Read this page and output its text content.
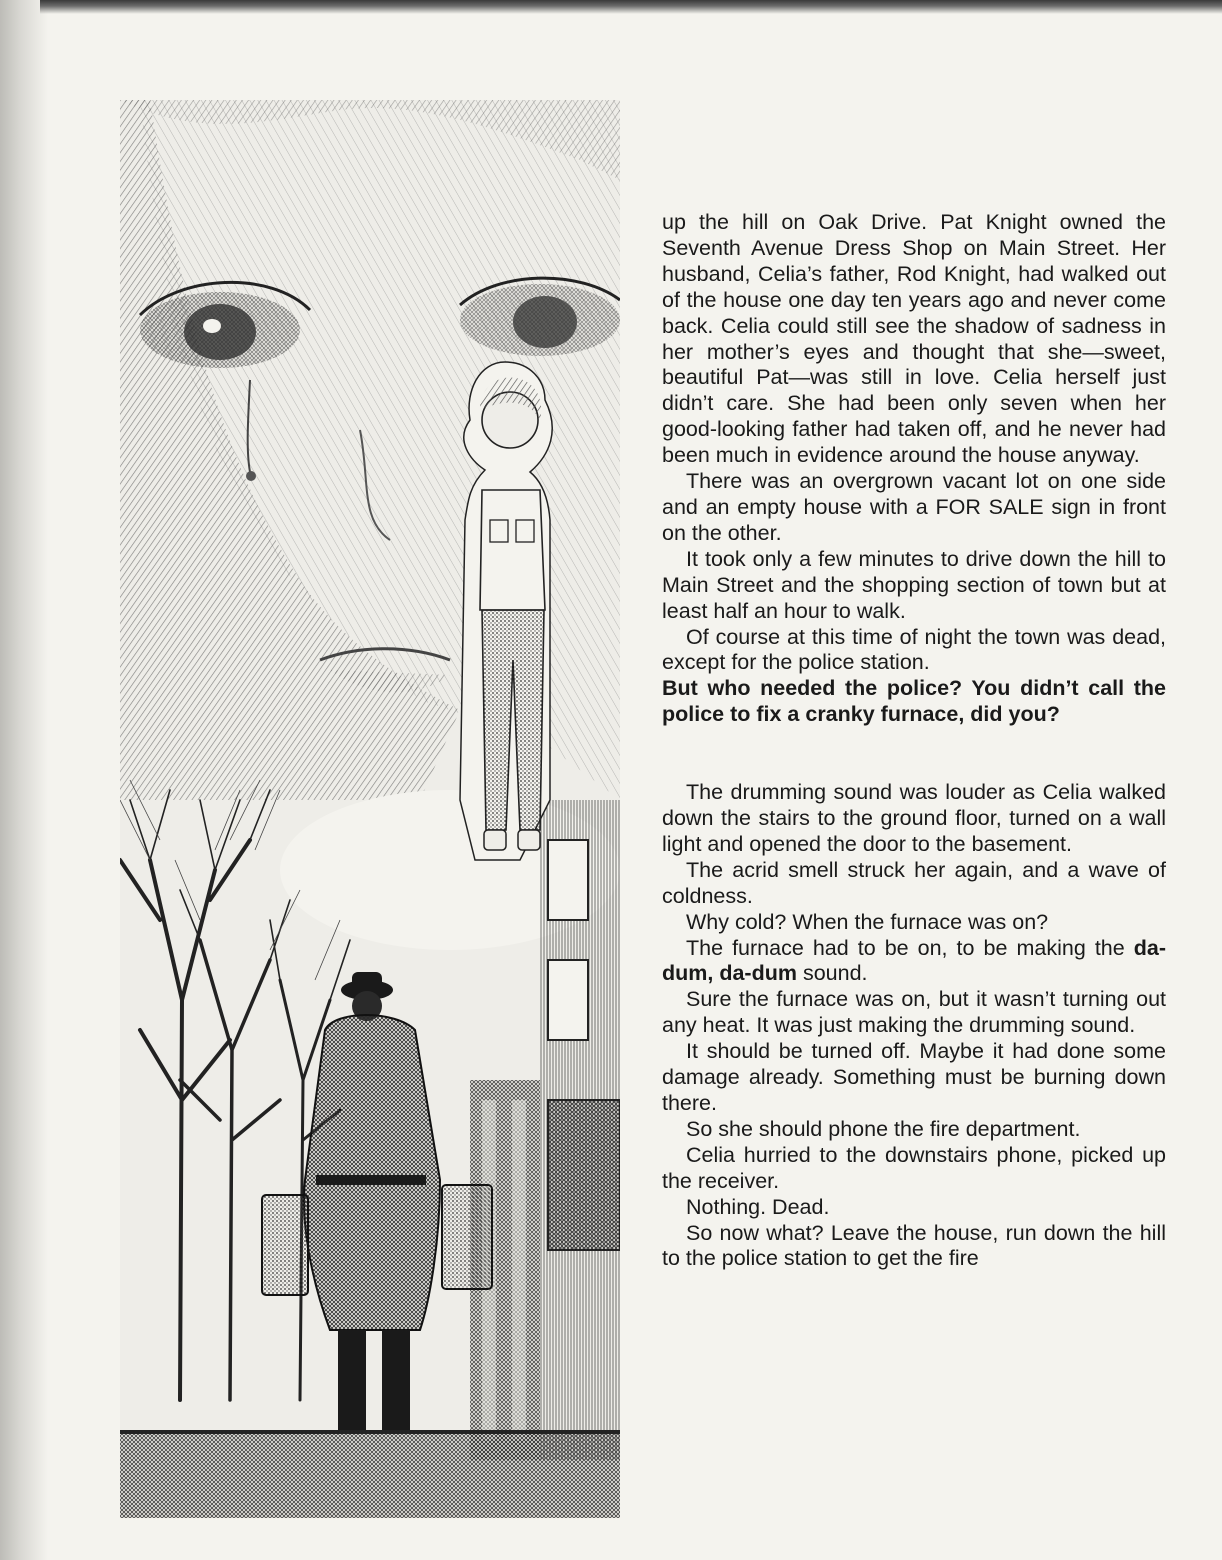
up the hill on Oak Drive. Pat Knight owned the Seventh Avenue Dress Shop on Main Street. Her husband, Celia’s father, Rod Knight, had walked out of the house one day ten years ago and never come back. Celia could still see the shadow of sadness in her mother’s eyes and thought that she—sweet, beautiful Pat—was still in love. Celia herself just didn’t care. She had been only seven when her good-looking father had taken off, and he never had been much in evidence around the house anyway.

There was an overgrown vacant lot on one side and an empty house with a FOR SALE sign in front on the other.

It took only a few minutes to drive down the hill to Main Street and the shopping section of town but at least half an hour to walk.

Of course at this time of night the town was dead, except for the police station.

But who needed the police? You didn’t call the police to fix a cranky furnace, did you?

The drumming sound was louder as Celia walked down the stairs to the ground floor, turned on a wall light and opened the door to the basement.

The acrid smell struck her again, and a wave of coldness.

Why cold? When the furnace was on?

The furnace had to be on, to be making the da-dum, da-dum sound.

Sure the furnace was on, but it wasn’t turning out any heat. It was just making the drumming sound.

It should be turned off. Maybe it had done some damage already. Something must be burning down there.

So she should phone the fire department.

Celia hurried to the downstairs phone, picked up the receiver.

Nothing. Dead.

So now what? Leave the house, run down the hill to the police station to get the fire
